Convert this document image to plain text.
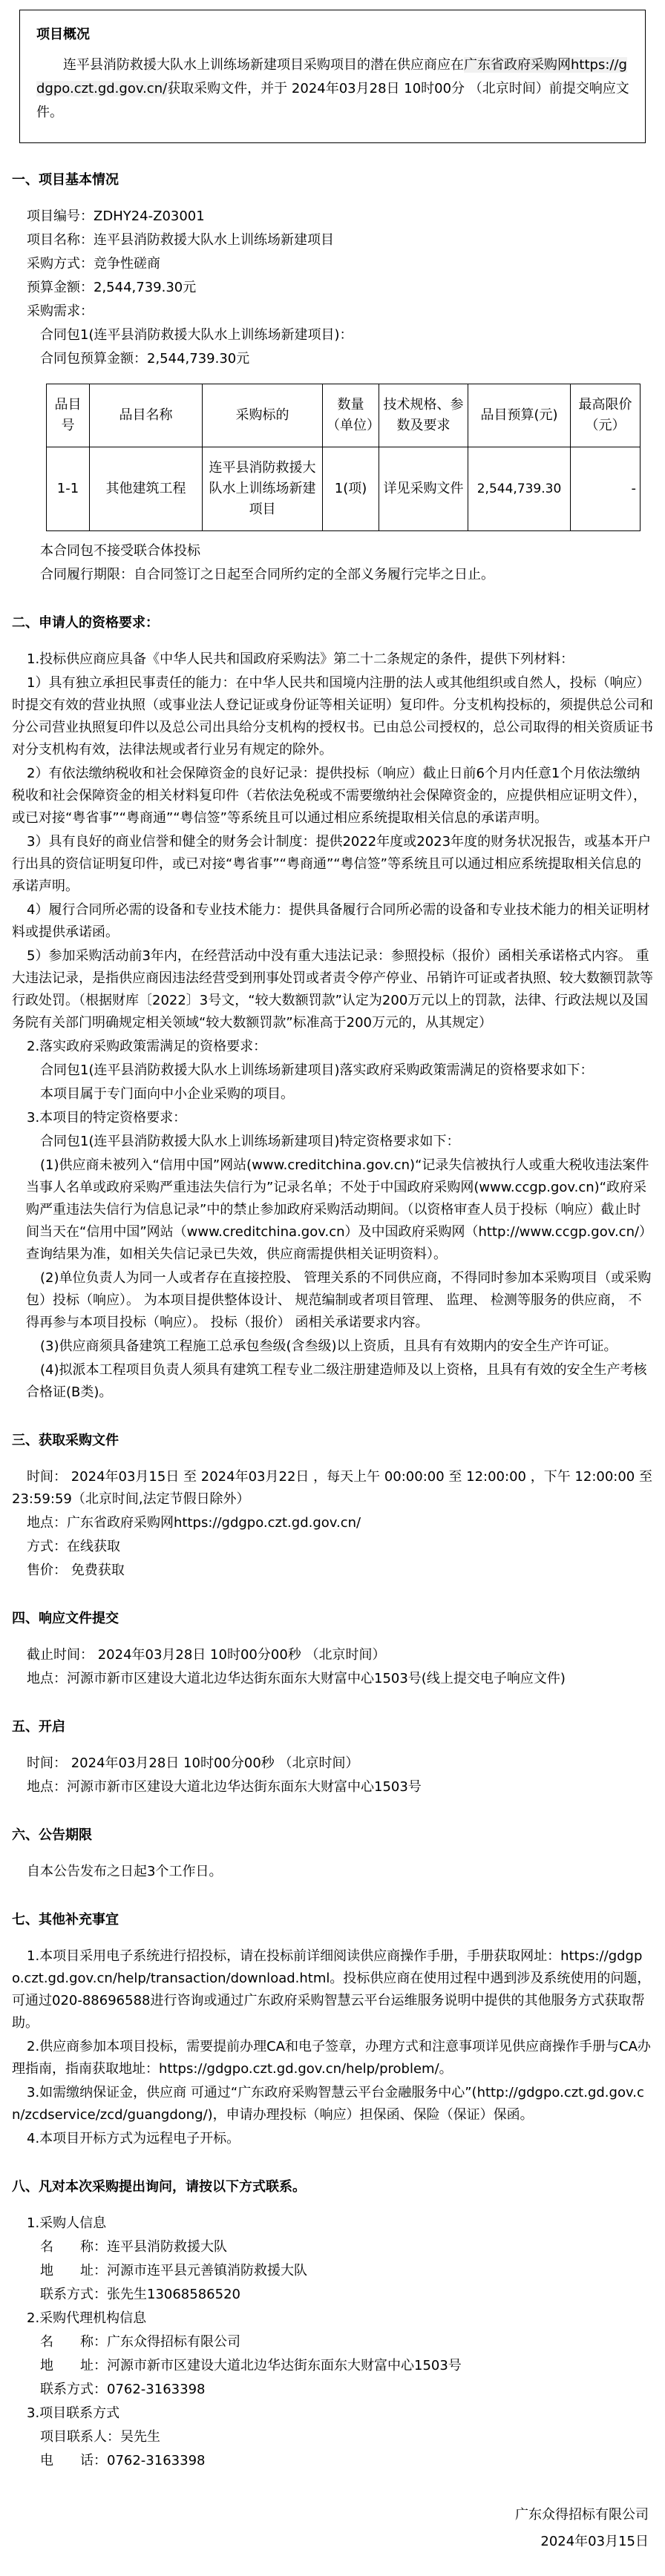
项目概况

连平县消防救援大队水上训练场新建项目采购项目的潜在供应商应在广东省政府采购网https://gdgpo.czt.gd.gov.cn/获取采购文件，并于 2024年03月28日 10时00分 （北京时间）前提交响应文件。

一、项目基本情况

项目编号：ZDHY24-Z03001

项目名称：连平县消防救援大队水上训练场新建项目

采购方式：竞争性磋商

预算金额：2,544,739.30元

采购需求：

合同包1(连平县消防救援大队水上训练场新建项目)：

合同包预算金额：2,544,739.30元

品目号	品目名称	采购标的	数量（单位）	技术规格、参数及要求	品目预算(元)	最高限价（元）
1-1	其他建筑工程	连平县消防救援大队水上训练场新建项目	1(项)	详见采购文件	2,544,739.30	-

本合同包不接受联合体投标

合同履行期限：自合同签订之日起至合同所约定的全部义务履行完毕之日止。

二、申请人的资格要求：

1.投标供应商应具备《中华人民共和国政府采购法》第二十二条规定的条件，提供下列材料：

1）具有独立承担民事责任的能力：在中华人民共和国境内注册的法人或其他组织或自然人，投标（响应）时提交有效的营业执照（或事业法人登记证或身份证等相关证明）复印件。分支机构投标的，须提供总公司和分公司营业执照复印件以及总公司出具给分支机构的授权书。已由总公司授权的，总公司取得的相关资质证书对分支机构有效，法律法规或者行业另有规定的除外。

2）有依法缴纳税收和社会保障资金的良好记录：提供投标（响应）截止日前6个月内任意1个月依法缴纳税收和社会保障资金的相关材料复印件（若依法免税或不需要缴纳社会保障资金的，应提供相应证明文件），或已对接“粤省事”“粤商通”“粤信签”等系统且可以通过相应系统提取相关信息的承诺声明。

3）具有良好的商业信誉和健全的财务会计制度：提供2022年度或2023年度的财务状况报告，或基本开户行出具的资信证明复印件，或已对接“粤省事”“粤商通”“粤信签”等系统且可以通过相应系统提取相关信息的承诺声明。

4）履行合同所必需的设备和专业技术能力：提供具备履行合同所必需的设备和专业技术能力的相关证明材料或提供承诺函。

5）参加采购活动前3年内，在经营活动中没有重大违法记录：参照投标（报价）函相关承诺格式内容。 重大违法记录，是指供应商因违法经营受到刑事处罚或者责令停产停业、吊销许可证或者执照、较大数额罚款等行政处罚。（根据财库〔2022〕3号文，“较大数额罚款”认定为200万元以上的罚款，法律、行政法规以及国务院有关部门明确规定相关领域“较大数额罚款”标准高于200万元的，从其规定）

2.落实政府采购政策需满足的资格要求：

合同包1(连平县消防救援大队水上训练场新建项目)落实政府采购政策需满足的资格要求如下：

本项目属于专门面向中小企业采购的项目。

3.本项目的特定资格要求：

合同包1(连平县消防救援大队水上训练场新建项目)特定资格要求如下：

(1)供应商未被列入“信用中国”网站(www.creditchina.gov.cn)“记录失信被执行人或重大税收违法案件当事人名单或政府采购严重违法失信行为”记录名单；不处于中国政府采购网(www.ccgp.gov.cn)“政府采购严重违法失信行为信息记录”中的禁止参加政府采购活动期间。（以资格审查人员于投标（响应）截止时间当天在“信用中国”网站（www.creditchina.gov.cn）及中国政府采购网（http://www.ccgp.gov.cn/）查询结果为准，如相关失信记录已失效，供应商需提供相关证明资料）。

(2)单位负责人为同一人或者存在直接控股、 管理关系的不同供应商，不得同时参加本采购项目（或采购包）投标（响应）。 为本项目提供整体设计、 规范编制或者项目管理、 监理、 检测等服务的供应商， 不得再参与本项目投标（响应）。 投标（报价） 函相关承诺要求内容。

(3)供应商须具备建筑工程施工总承包叁级(含叁级)以上资质，且具有有效期内的安全生产许可证。

(4)拟派本工程项目负责人须具有建筑工程专业二级注册建造师及以上资格，且具有有效的安全生产考核合格证(B类)。

三、获取采购文件

时间： 2024年03月15日 至 2024年03月22日 ，每天上午 00:00:00 至 12:00:00 ，下午 12:00:00 至 23:59:59（北京时间,法定节假日除外）

地点：广东省政府采购网https://gdgpo.czt.gd.gov.cn/

方式：在线获取

售价： 免费获取

四、响应文件提交

截止时间： 2024年03月28日 10时00分00秒 （北京时间）

地点：河源市新市区建设大道北边华达街东面东大财富中心1503号(线上提交电子响应文件)

五、开启

时间： 2024年03月28日 10时00分00秒 （北京时间）

地点：河源市新市区建设大道北边华达街东面东大财富中心1503号

六、公告期限

自本公告发布之日起3个工作日。

七、其他补充事宜

1.本项目采用电子系统进行招投标，请在投标前详细阅读供应商操作手册，手册获取网址：https://gdgpo.czt.gd.gov.cn/help/transaction/download.html。投标供应商在使用过程中遇到涉及系统使用的问题，可通过020-88696588进行咨询或通过广东政府采购智慧云平台运维服务说明中提供的其他服务方式获取帮助。

2.供应商参加本项目投标，需要提前办理CA和电子签章，办理方式和注意事项详见供应商操作手册与CA办理指南，指南获取地址：https://gdgpo.czt.gd.gov.cn/help/problem/。

3.如需缴纳保证金，供应商 可通过“广东政府采购智慧云平台金融服务中心”(http://gdgpo.czt.gd.gov.cn/zcdservice/zcd/guangdong/)，申请办理投标（响应）担保函、保险（保证）保函。

4.本项目开标方式为远程电子开标。

八、凡对本次采购提出询问，请按以下方式联系。

1.采购人信息

名　　称：连平县消防救援大队

地　　址：河源市连平县元善镇消防救援大队

联系方式：张先生13068586520

2.采购代理机构信息

名　　称：广东众得招标有限公司

地　　址：河源市新市区建设大道北边华达街东面东大财富中心1503号

联系方式：0762-3163398

3.项目联系方式

项目联系人：吴先生

电　　话：0762-3163398

广东众得招标有限公司
2024年03月15日
